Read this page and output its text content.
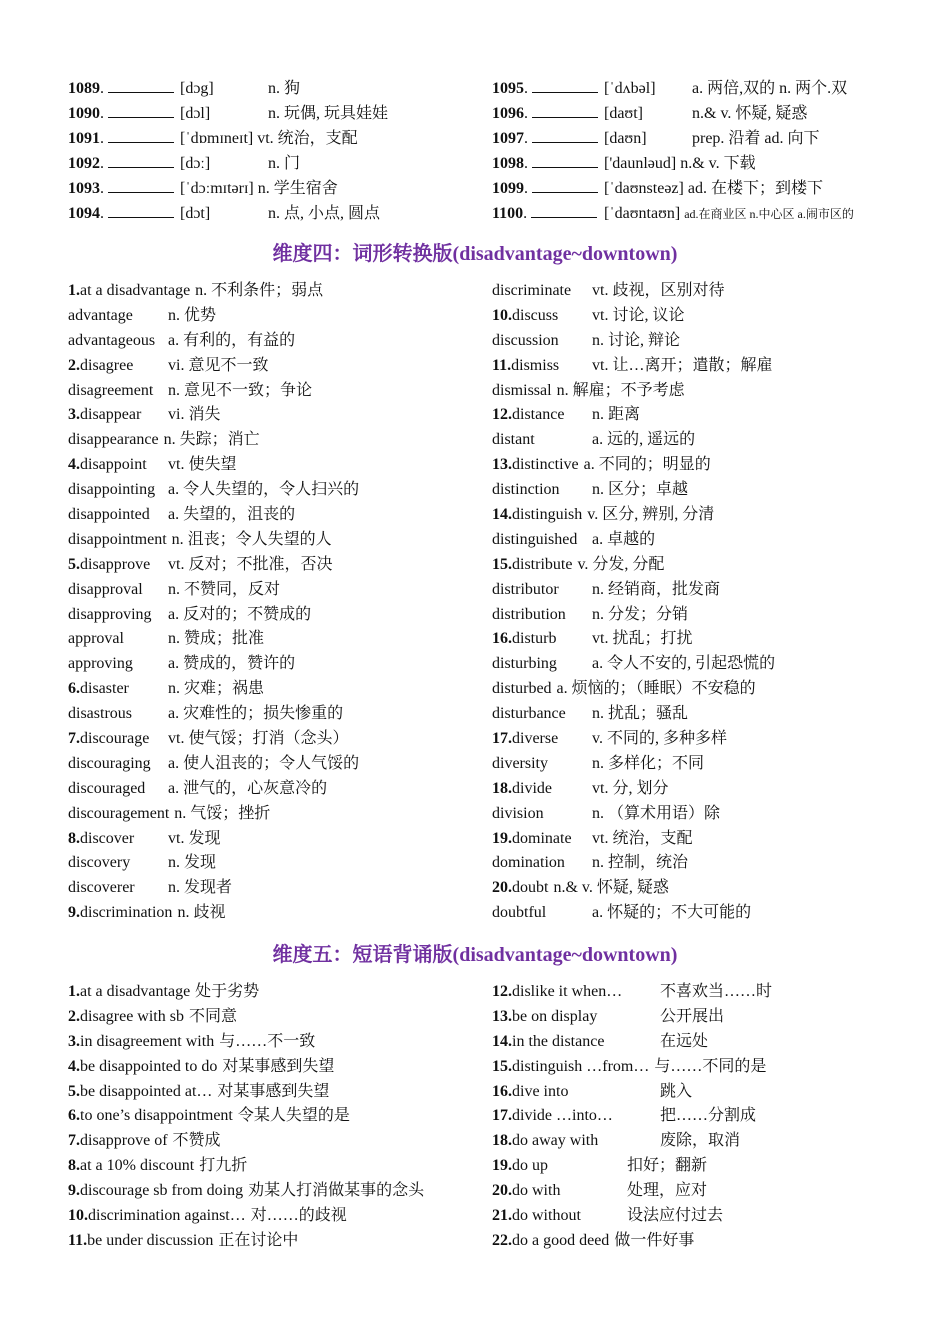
1089.	[dɔg]	n. 狗
1090.	[dɔl]	n. 玩偶, 玩具娃娃
1091.	[ˈdɒmɪneɪt] vt. 统治，支配
1092.	[dɔː]	n. 门
1093.	[ˈdɔːmɪtərɪ] n. 学生宿舍
1094.	[dɔt]	n. 点, 小点, 圆点
1095.	[ˈdʌbəl] a. 两倍,双的 n. 两个.双
1096.	[daʊt]	n.& v. 怀疑, 疑惑
1097.	[daʊn]	prep. 沿着 ad. 向下
1098.	['daunləud] n.& v. 下载
1099.	[ˈdaʊnsteəz] ad. 在楼下；到楼下
1100.	[ˈdaʊntaʊn] ad.在商业区 n.中心区 a.闹市区的
维度四：词形转换版(disadvantage~downtown)
1.at a disadvantage n. 不利条件；弱点
advantage n. 优势
advantageous a. 有利的，有益的
2.disagree vi. 意见不一致
disagreement n. 意见不一致；争论
3.disappear vi. 消失
disappearance n. 失踪；消亡
4.disappoint vt. 使失望
disappointing a. 令人失望的，令人扫兴的
disappointed a. 失望的，沮丧的
disappointment n. 沮丧；令人失望的人
5.disapprove vt. 反对；不批准，否决
disapproval n. 不赞同，反对
disapproving a. 反对的；不赞成的
approval	n. 赞成；批准
approving a. 赞成的，赞许的
6.disaster n. 灾难；祸患
disastrous a. 灾难性的；损失惨重的
7.discourage vt. 使气馁；打消（念头）
discouraging a. 使人沮丧的；令人气馁的
discouraged a. 泄气的，心灰意冷的
discouragement n. 气馁；挫折
8.discover vt. 发现
discovery n. 发现
discoverer n. 发现者
9.discrimination n. 歧视
discriminate vt. 歧视，区别对待
10.discuss vt. 讨论, 议论
discussion n. 讨论, 辩论
11.dismiss vt. 让…离开；遣散；解雇
dismissal n. 解雇；不予考虑
12.distance n. 距离
distant	a. 远的, 遥远的
13.distinctive a. 不同的；明显的
distinction n. 区分；卓越
14.distinguish v. 区分, 辨别, 分清
distinguished a. 卓越的
15.distribute v. 分发, 分配
distributor n. 经销商，批发商
distribution n. 分发；分销
16.disturb vt. 扰乱；打扰
disturbing a. 令人不安的, 引起恐慌的
disturbed a. 烦恼的；（睡眠）不安稳的
disturbance n. 扰乱；骚乱
17.diverse v. 不同的, 多种多样
diversity	n. 多样化；不同
18.divide	vt. 分, 划分
division	n. （算术用语）除
19.dominate vt. 统治，支配
domination n. 控制，统治
20.doubt n.& v. 怀疑, 疑惑
doubtful	a. 怀疑的；不大可能的
维度五：短语背诵版(disadvantage~downtown)
1.at a disadvantage 处于劣势
2.disagree with sb 不同意
3.in disagreement with 与……不一致
4.be disappointed to do 对某事感到失望
5.be disappointed at… 对某事感到失望
6.to one’s disappointment 令某人失望的是
7.disapprove of 不赞成
8.at a 10% discount 打九折
9.discourage sb from doing 劝某人打消做某事的念头
10.discrimination against… 对……的歧视
11.be under discussion 正在讨论中
12.dislike it when… 不喜欢当……时
13.be on display	公开展出
14.in the distance	在远处
15.distinguish …from… 与……不同的是
16.dive into	跳入
17.divide …into…	把……分割成
18.do away with	废除，取消
19.do up	扣好；翻新
20.do with	处理，应对
21.do without	设法应付过去
22.do a good deed 做一件好事
